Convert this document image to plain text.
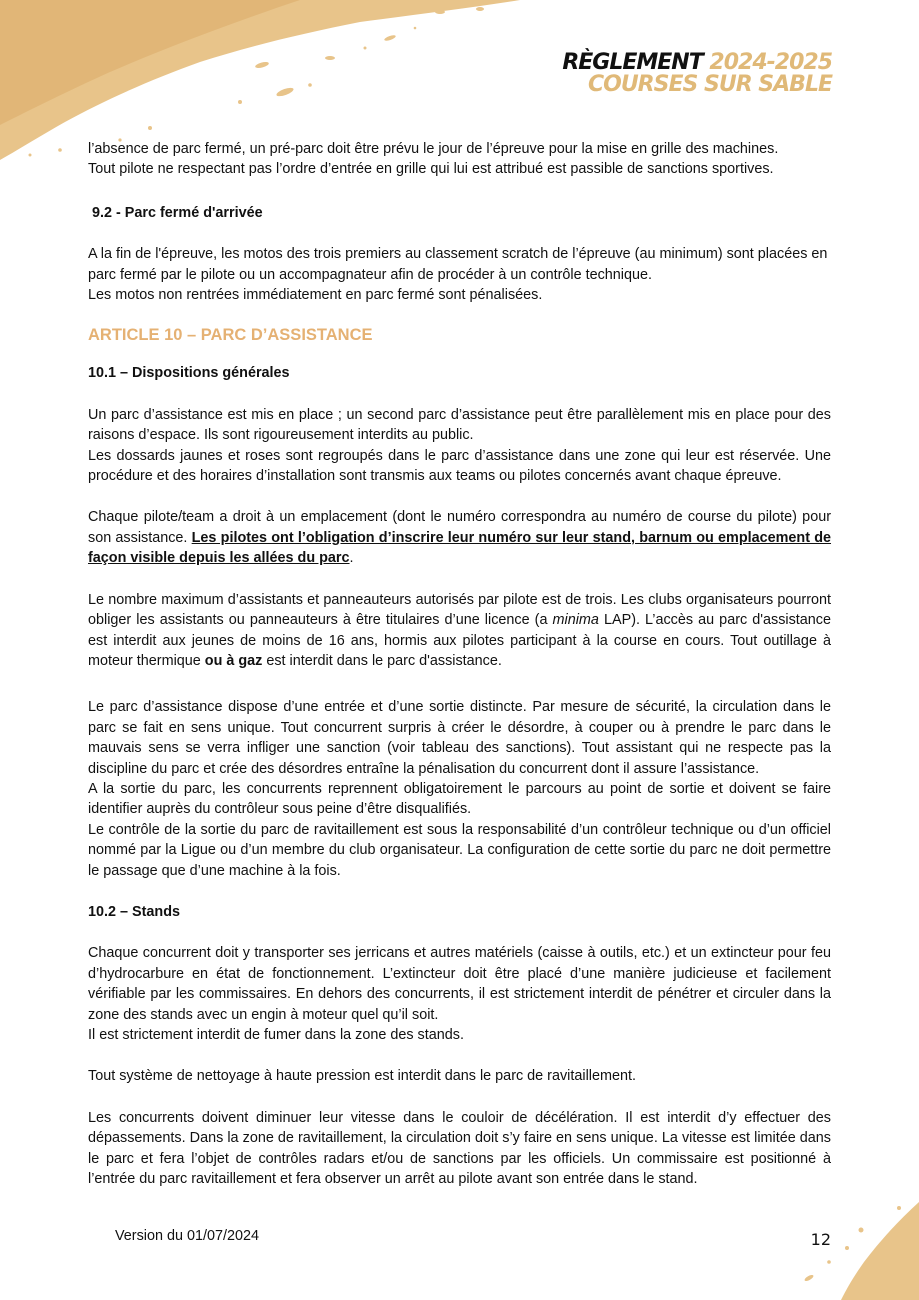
RÈGLEMENT 2024-2025
COURSES SUR SABLE

l’absence de parc fermé, un pré-parc doit être prévu le jour de l’épreuve pour la mise en grille des machines.

Tout pilote ne respectant pas l’ordre d’entrée en grille qui lui est attribué est passible de sanctions sportives.

9.2 - Parc fermé d'arrivée

A la fin de l'épreuve, les motos des trois premiers au classement scratch de l’épreuve (au minimum) sont placées en parc fermé par le pilote ou un accompagnateur afin de procéder à un contrôle technique.

Les motos non rentrées immédiatement en parc fermé sont pénalisées.

ARTICLE 10 – PARC D’ASSISTANCE

10.1 – Dispositions générales

Un parc d’assistance est mis en place ; un second parc d’assistance peut être parallèlement mis en place pour des raisons d’espace. Ils sont rigoureusement interdits au public.

Les dossards jaunes et roses sont regroupés dans le parc d’assistance dans une zone qui leur est réservée. Une procédure et des horaires d’installation sont transmis aux teams ou pilotes concernés avant chaque épreuve.

Chaque pilote/team a droit à un emplacement (dont le numéro correspondra au numéro de course du pilote) pour son assistance. Les pilotes ont l’obligation d’inscrire leur numéro sur leur stand, barnum ou emplacement de façon visible depuis les allées du parc.

Le nombre maximum d’assistants et panneauteurs autorisés par pilote est de trois. Les clubs organisateurs pourront obliger les assistants ou panneauteurs à être titulaires d’une licence (a minima LAP). L’accès au parc d'assistance est interdit aux jeunes de moins de 16 ans, hormis aux pilotes participant à la course en cours. Tout outillage à moteur thermique ou à gaz est interdit dans le parc d'assistance.

Le parc d’assistance dispose d’une entrée et d’une sortie distincte. Par mesure de sécurité, la circulation dans le parc se fait en sens unique. Tout concurrent surpris à créer le désordre, à couper ou à prendre le parc dans le mauvais sens se verra infliger une sanction (voir tableau des sanctions). Tout assistant qui ne respecte pas la discipline du parc et crée des désordres entraîne la pénalisation du concurrent dont il assure l’assistance.

A la sortie du parc, les concurrents reprennent obligatoirement le parcours au point de sortie et doivent se faire identifier auprès du contrôleur sous peine d’être disqualifiés.

Le contrôle de la sortie du parc de ravitaillement est sous la responsabilité d’un contrôleur technique ou d’un officiel nommé par la Ligue ou d’un membre du club organisateur. La configuration de cette sortie du parc ne doit permettre le passage que d’une machine à la fois.

10.2 – Stands

Chaque concurrent doit y transporter ses jerricans et autres matériels (caisse à outils, etc.) et un extincteur pour feu d’hydrocarbure en état de fonctionnement. L’extincteur doit être placé d’une manière judicieuse et facilement vérifiable par les commissaires. En dehors des concurrents, il est strictement interdit de pénétrer et circuler dans la zone des stands avec un engin à moteur quel qu’il soit.

Il est strictement interdit de fumer dans la zone des stands.

Tout système de nettoyage à haute pression est interdit dans le parc de ravitaillement.

Les concurrents doivent diminuer leur vitesse dans le couloir de décélération. Il est interdit d’y effectuer des dépassements. Dans la zone de ravitaillement, la circulation doit s’y faire en sens unique. La vitesse est limitée dans le parc et fera l’objet de contrôles radars et/ou de sanctions par les officiels. Un commissaire est positionné à l’entrée du parc ravitaillement et fera observer un arrêt au pilote avant son entrée dans le stand.

Version du 01/07/2024	12
